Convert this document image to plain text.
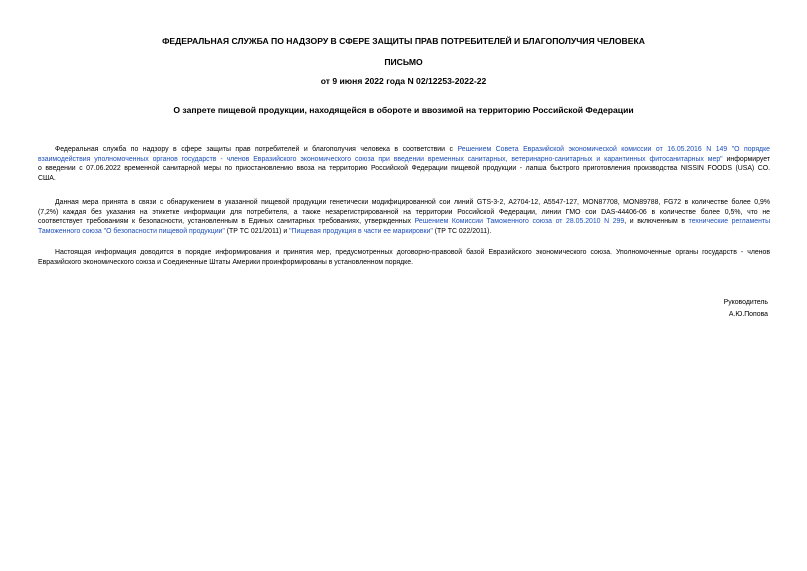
ФЕДЕРАЛЬНАЯ СЛУЖБА ПО НАДЗОРУ В СФЕРЕ ЗАЩИТЫ ПРАВ ПОТРЕБИТЕЛЕЙ И БЛАГОПОЛУЧИЯ ЧЕЛОВЕКА
ПИСЬМО
от 9 июня 2022 года N 02/12253-2022-22
О запрете пищевой продукции, находящейся в обороте и ввозимой на территорию Российской Федерации
Федеральная служба по надзору в сфере защиты прав потребителей и благополучия человека в соответствии с Решением Совета Евразийской экономической комиссии от 16.05.2016 N 149 "О порядке
взаимодействия уполномоченных органов государств - членов Евразийского экономического союза при введении временных санитарных, ветеринарно-санитарных и карантинных фитосанитарных мер" информирует
о введении с 07.06.2022 временной санитарной меры по приостановлению ввоза на территорию Российской Федерации пищевой продукции - лапша быстрого приготовления производства NISSIN FOODS (USA) CO.
США.
Данная мера принята в связи с обнаружением в указанной пищевой продукции генетически модифицированной сои линий GTS-3-2, A2704-12, A5547-127, MON87708, MON89788, FG72 в количестве более 0,9%
(7,2%) каждая без указания на этикетке информации для потребителя, а также незарегистрированной на территории Российской Федерации, линии ГМО сои DAS-44406-06 в количестве более 0,5%, что не
соответствует требованиям к безопасности, установленным в Единых санитарных требованиях, утвержденных Решением Комиссии Таможенного союза от 28.05.2010 N 299, и включенным в технические регламенты
Таможенного союза "О безопасности пищевой продукции" (ТР ТС 021/2011) и "Пищевая продукция в части ее маркировки" (ТР ТС 022/2011).
Настоящая информация доводится в порядке информирования и принятия мер, предусмотренных договорно-правовой базой Евразийского экономического союза. Уполномоченные органы государств - членов
Евразийского экономического союза и Соединенные Штаты Америки проинформированы в установленном порядке.
Руководитель
А.Ю.Попова
